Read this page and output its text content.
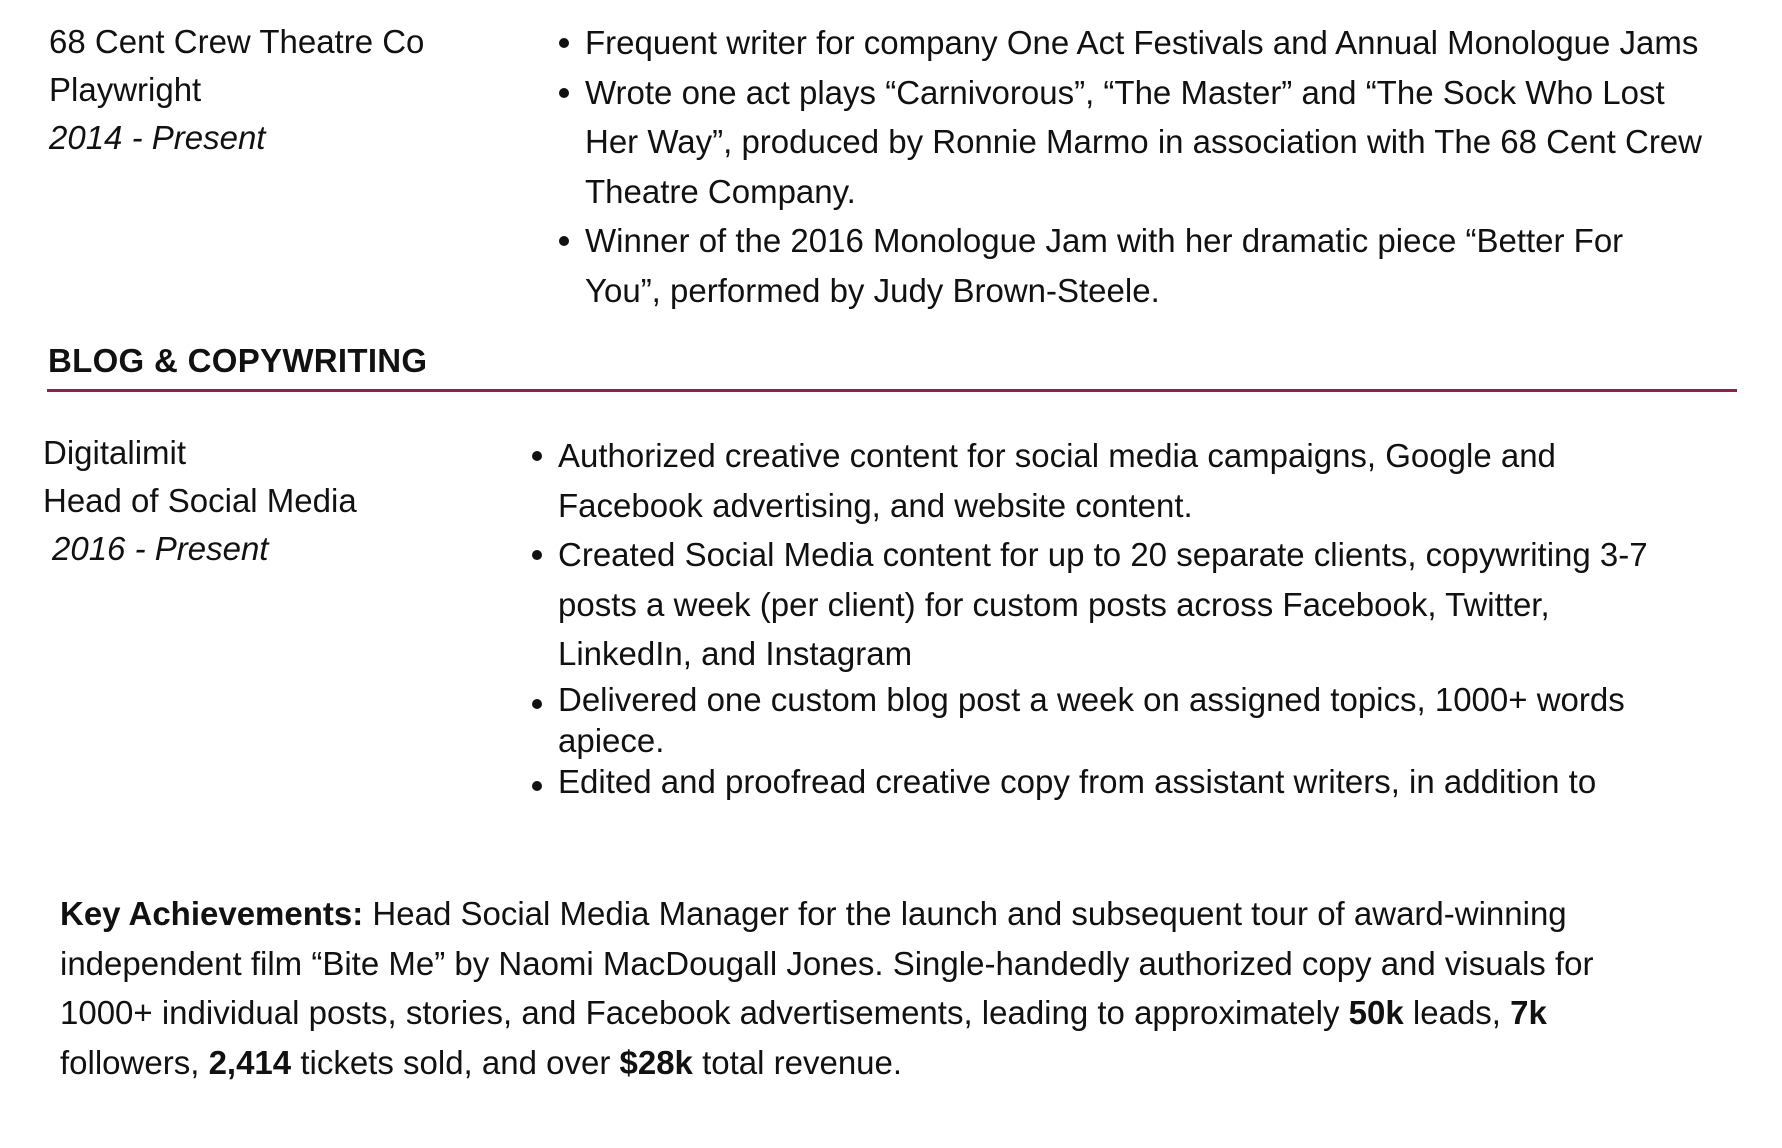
68 Cent Crew Theatre Co
Playwright
2014 - Present
Frequent writer for company One Act Festivals and Annual Monologue Jams
Wrote one act plays “Carnivorous”, “The Master” and “The Sock Who Lost
Her Way”, produced by Ronnie Marmo in association with The 68 Cent Crew
Theatre Company.
Winner of the 2016 Monologue Jam with her dramatic piece “Better For
You”, performed by Judy Brown-Steele.
BLOG & COPYWRITING
Digitalimit
Head of Social Media
2016 - Present
Authorized creative content for social media campaigns, Google and
Facebook advertising, and website content.
Created Social Media content for up to 20 separate clients, copywriting 3-7
posts a week (per client) for custom posts across Facebook, Twitter,
LinkedIn, and Instagram
Delivered one custom blog post a week on assigned topics, 1000+ words
apiece.
Edited and proofread creative copy from assistant writers, in addition to
Key Achievements: Head Social Media Manager for the launch and subsequent tour of award-winning
independent film “Bite Me” by Naomi MacDougall Jones. Single-handedly authorized copy and visuals for
1000+ individual posts, stories, and Facebook advertisements, leading to approximately 50k leads, 7k
followers, 2,414 tickets sold, and over $28k total revenue.
